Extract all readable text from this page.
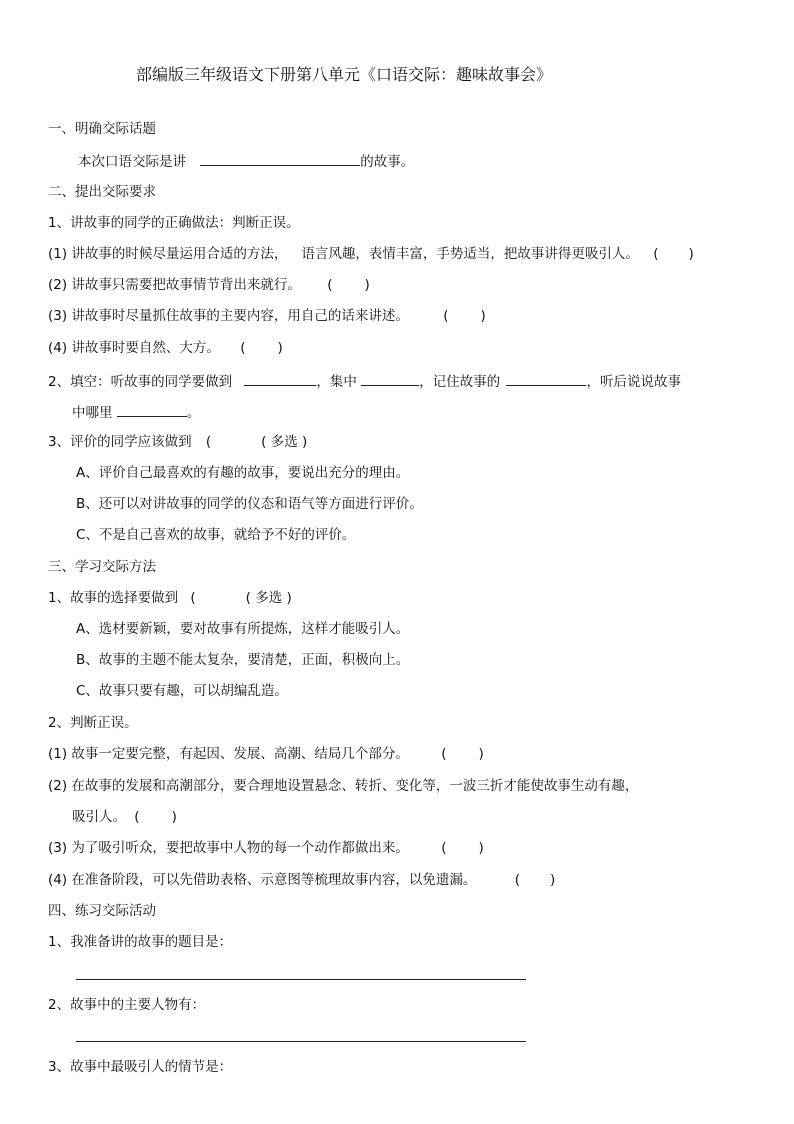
部编版三年级语文下册第八单元《口语交际：趣味故事会》
一、明确交际话题
本次口语交际是讲	的故事。
二、提出交际要求
1、讲故事的同学的正确做法：判断正误。
(1) 讲故事的时候尽量运用合适的方法， 语言风趣，表情丰富，手势适当，把故事讲得更吸引人。 ( )
(2) 讲故事只需要把故事情节背出来就行。 ( )
(3) 讲故事时尽量抓住故事的主要内容，用自己的话来讲述。	( )
(4) 讲故事时要自然、大方。 ( )
2、填空：听故事的同学要做到	，集中	，记住故事的	，听后说说故事
中哪里	。
3、评价的同学应该做到 (	( 多选 )
A、评价自己最喜欢的有趣的故事，要说出充分的理由。
B、还可以对讲故事的同学的仪态和语气等方面进行评价。
C、不是自己喜欢的故事，就给予不好的评价。
三、学习交际方法
1、故事的选择要做到 (	( 多选 )
A、选材要新颖，要对故事有所提炼，这样才能吸引人。
B、故事的主题不能太复杂，要清楚，正面，积极向上。
C、故事只要有趣，可以胡编乱造。
2、判断正误。
(1) 故事一定要完整，有起因、发展、高潮、结局几个部分。 ( )
(2) 在故事的发展和高潮部分，要合理地设置悬念、转折、变化等，一波三折才能使故事生动有趣，
吸引人。 ( )
(3) 为了吸引听众，要把故事中人物的每一个动作都做出来。 ( )
(4) 在准备阶段，可以先借助表格、示意图等梳理故事内容，以免遗漏。	( )
四、练习交际活动
1、我准备讲的故事的题目是：
2、故事中的主要人物有：
3、故事中最吸引人的情节是：
